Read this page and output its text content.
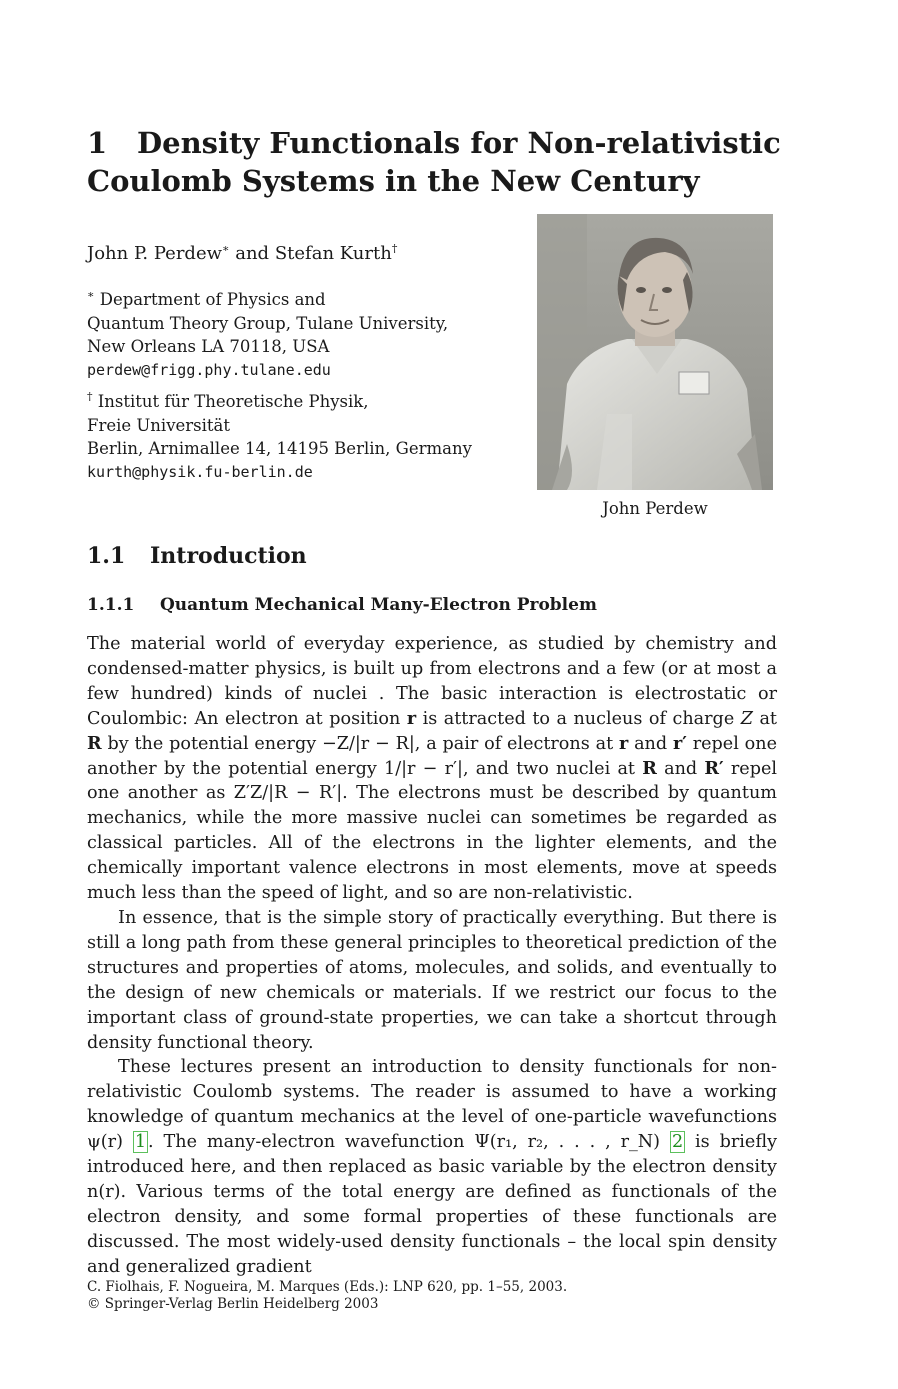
1 Density Functionals for Non-relativistic Coulomb Systems in the New Century
John P. Perdew∗ and Stefan Kurth†
∗ Department of Physics and
Quantum Theory Group, Tulane University,
New Orleans LA 70118, USA
perdew@frigg.phy.tulane.edu
† Institut für Theoretische Physik,
Freie Universität
Berlin, Arnimallee 14, 14195 Berlin, Germany
kurth@physik.fu-berlin.de
John Perdew
1.1 Introduction
1.1.1 Quantum Mechanical Many-Electron Problem

The material world of everyday experience, as studied by chemistry and condensed-matter physics, is built up from electrons and a few (or at most a few hundred) kinds of nuclei . The basic interaction is electrostatic or Coulombic: An electron at position r is attracted to a nucleus of charge Z at R by the potential energy −Z/|r − R|, a pair of electrons at r and r′ repel one another by the potential energy 1/|r − r′|, and two nuclei at R and R′ repel one another as Z′Z/|R − R′|. The electrons must be described by quantum mechanics, while the more massive nuclei can sometimes be regarded as classical particles. All of the electrons in the lighter elements, and the chemically important valence electrons in most elements, move at speeds much less than the speed of light, and so are non-relativistic.

In essence, that is the simple story of practically everything. But there is still a long path from these general principles to theoretical prediction of the structures and properties of atoms, molecules, and solids, and eventually to the design of new chemicals or materials. If we restrict our focus to the important class of ground-state properties, we can take a shortcut through density functional theory.

These lectures present an introduction to density functionals for non-relativistic Coulomb systems. The reader is assumed to have a working knowledge of quantum mechanics at the level of one-particle wavefunctions ψ(r) 1 . The many-electron wavefunction Ψ(r₁, r₂, . . . , r_N) 2 is briefly introduced here, and then replaced as basic variable by the electron density n(r). Various terms of the total energy are defined as functionals of the electron density, and some formal properties of these functionals are discussed. The most widely-used density functionals – the local spin density and generalized gradient

C. Fiolhais, F. Nogueira, M. Marques (Eds.): LNP 620, pp. 1–55, 2003.
© Springer-Verlag Berlin Heidelberg 2003
